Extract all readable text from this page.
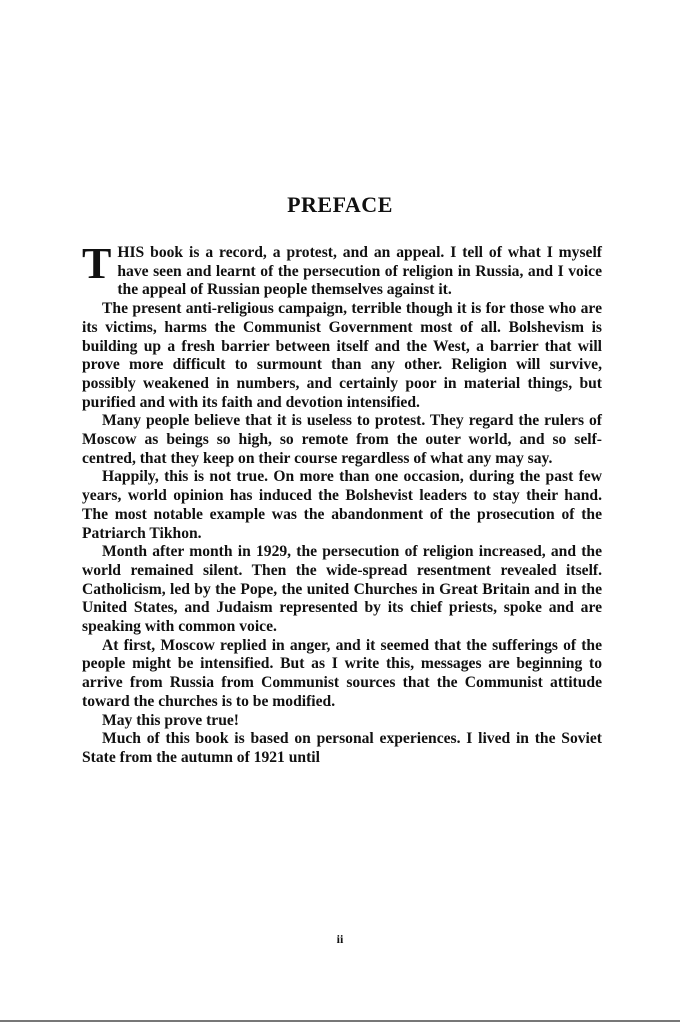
PREFACE

THIS book is a record, a protest, and an appeal. I tell of what I myself have seen and learnt of the persecution of religion in Russia, and I voice the appeal of Russian people themselves against it.

The present anti-religious campaign, terrible though it is for those who are its victims, harms the Communist Government most of all. Bolshevism is building up a fresh barrier between itself and the West, a barrier that will prove more difficult to surmount than any other. Religion will survive, possibly weakened in numbers, and certainly poor in material things, but purified and with its faith and devotion intensified.

Many people believe that it is useless to protest. They regard the rulers of Moscow as beings so high, so remote from the outer world, and so self-centred, that they keep on their course regardless of what any may say.

Happily, this is not true. On more than one occasion, during the past few years, world opinion has induced the Bolshevist leaders to stay their hand. The most notable example was the abandonment of the prosecution of the Patriarch Tikhon.

Month after month in 1929, the persecution of religion increased, and the world remained silent. Then the wide-spread resentment revealed itself. Catholicism, led by the Pope, the united Churches in Great Britain and in the United States, and Judaism represented by its chief priests, spoke and are speaking with common voice.

At first, Moscow replied in anger, and it seemed that the sufferings of the people might be intensified. But as I write this, messages are beginning to arrive from Russia from Communist sources that the Communist attitude toward the churches is to be modified.

May this prove true!

Much of this book is based on personal experiences. I lived in the Soviet State from the autumn of 1921 until

ii
